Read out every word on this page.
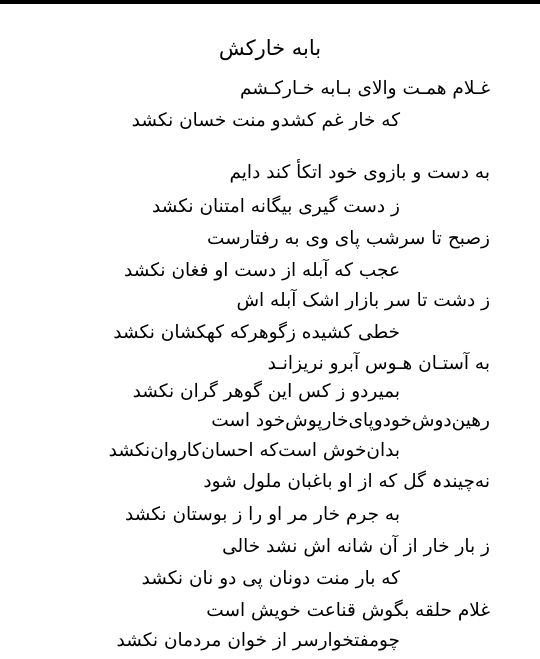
بابه خارکش
غـلام همـت والای بـابه خـارکـشم
که خار غم کشدو منت خسان نکشد
به دست و بازوی خود اتکأ کند دایم
ز دست گیری بیگانه امتنان نکشد
زصبح تا سرشب پای وی به رفتارست
عجب که آبله از دست او فغان نکشد
ز دشت تا سر بازار اشک آبله اش
خطی کشیده زگوهرکه کهکشان نکشد
به آستـان هـوس آبرو نریزانـد
بمیردو ز کس این گوهر گران نکشد
رهین‌دوش‌خودو‌پای‌خارپوش‌خود است
بدان‌خوش است‌که احسان‌کاروان‌نکشد
نه‌چیندہ گل که از او باغبان ملول شود
به جرم خار مر او را ز بوستان نکشد
ز بار خار از آن شانه اش نشد خالی
که بار منت دونان پی دو نان نکشد
غلام حلقه بگوش قناعت خویش است
چومفتخوارسر از خوان مردمان نکشد
